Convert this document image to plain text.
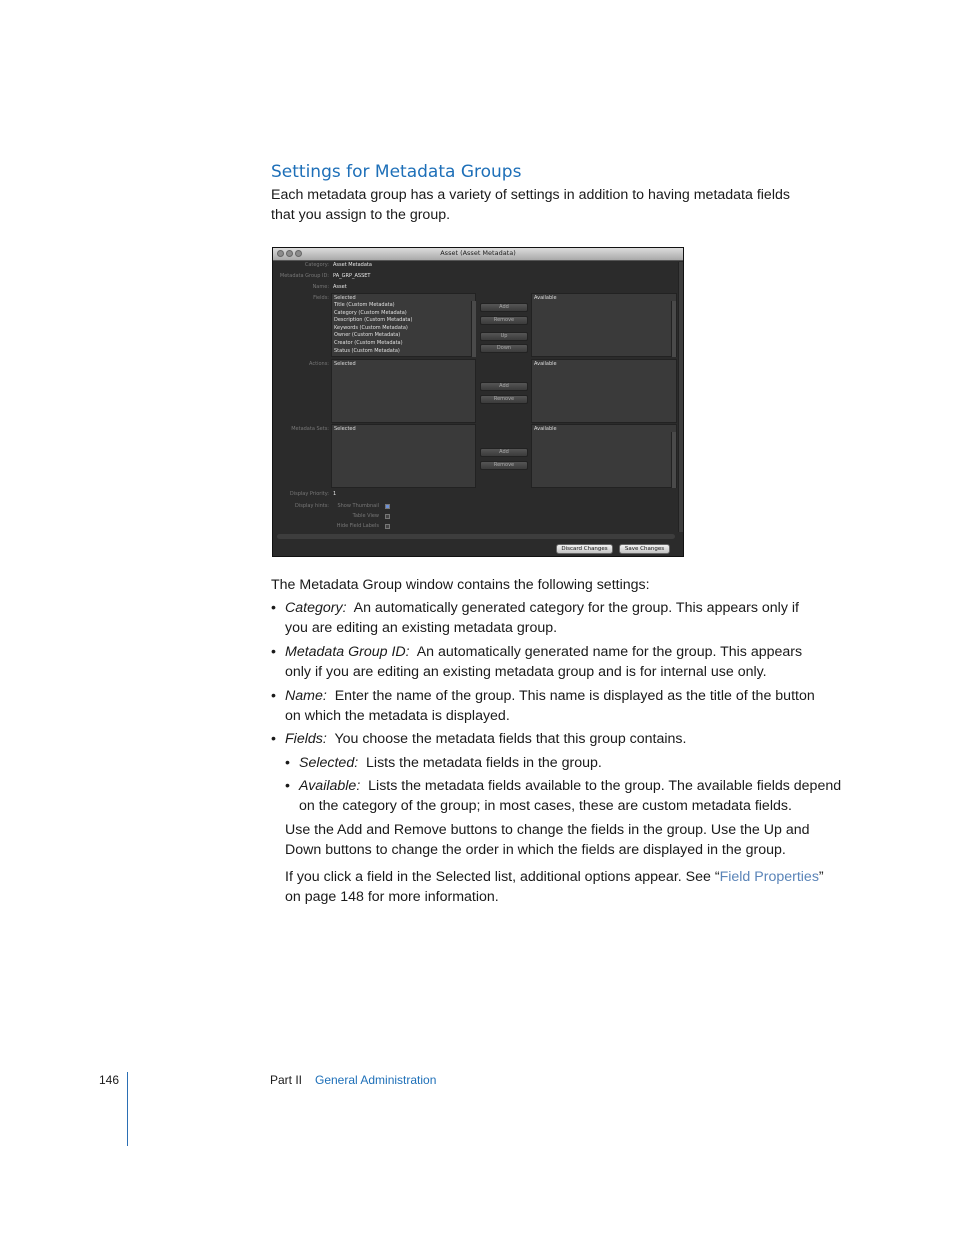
Settings for Metadata Groups
Each metadata group has a variety of settings in addition to having metadata fields that you assign to the group.
Asset (Asset Metadata)
Category: Asset Metadata
Metadata Group ID: PA_GRP_ASSET
Name: Asset
Fields:	Selected
Title (Custom Metadata)
Category (Custom Metadata)
Description (Custom Metadata)
Keywords (Custom Metadata)
Owner (Custom Metadata)
Creator (Custom Metadata)
Status (Custom Metadata)
Add
Remove
Up
Down
Available
Actions:	Selected
Add
Remove
Available
Metadata Sets:	Selected
Add
Remove
Available
Display Priority: 1
Display hints:	Show Thumbnail
Table View
Hide Field Labels
Discard Changes	Save Changes
The Metadata Group window contains the following settings:
• Category: An automatically generated category for the group. This appears only if
you are editing an existing metadata group.
• Metadata Group ID: An automatically generated name for the group. This appears
only if you are editing an existing metadata group and is for internal use only.
• Name: Enter the name of the group. This name is displayed as the title of the button
on which the metadata is displayed.
• Fields: You choose the metadata fields that this group contains.
• Selected: Lists the metadata fields in the group.
• Available: Lists the metadata fields available to the group. The available fields depend
on the category of the group; in most cases, these are custom metadata fields.
Use the Add and Remove buttons to change the fields in the group. Use the Up and
Down buttons to change the order in which the fields are displayed in the group.
If you click a field in the Selected list, additional options appear. See “Field Properties”
on page 148 for more information.
146	Part II General Administration
